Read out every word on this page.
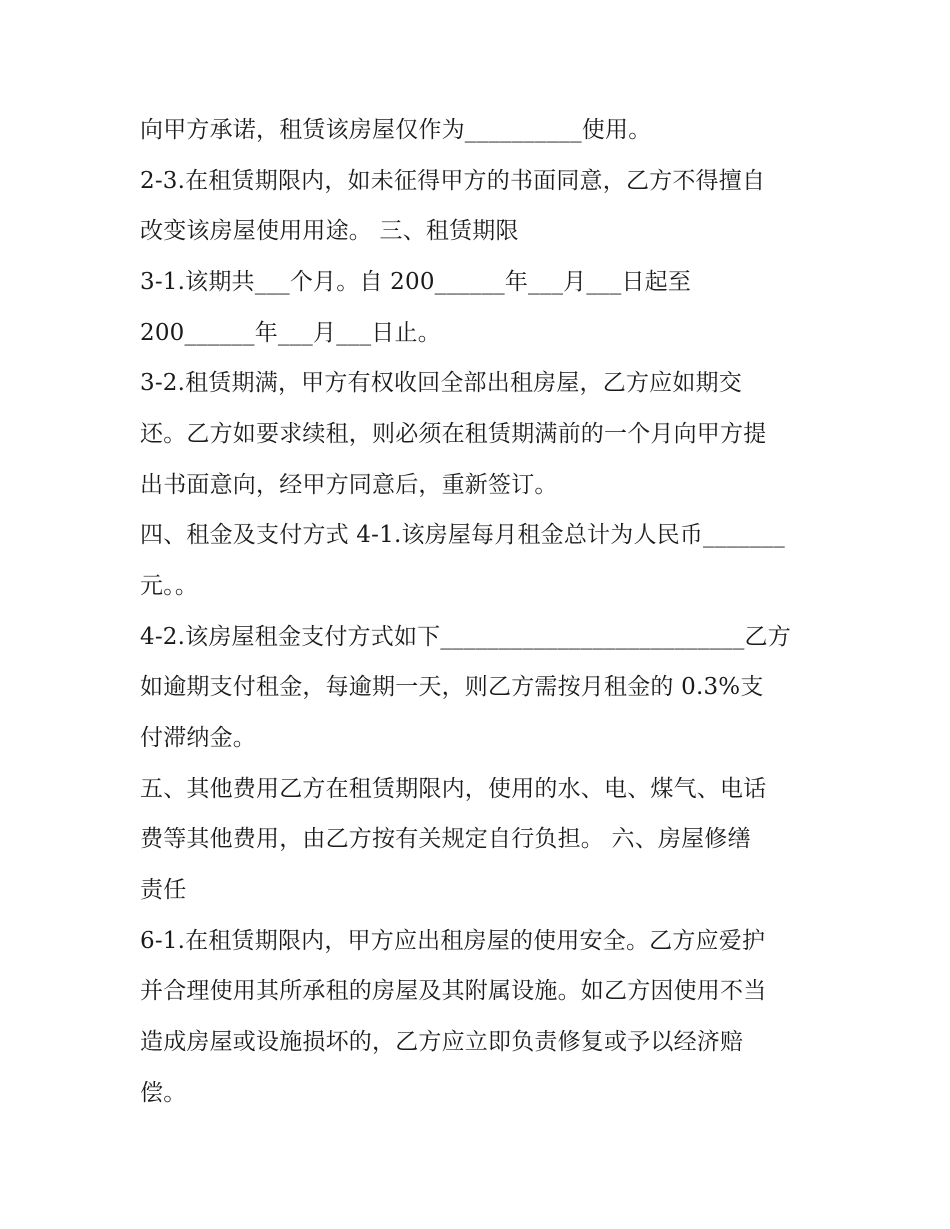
向甲方承诺，租赁该房屋仅作为__________使用。
2-3.在租赁期限内，如未征得甲方的书面同意，乙方不得擅自
改变该房屋使用用途。 三、租赁期限
3-1.该期共___个月。自 200______年___月___日起至
200______年___月___日止。
3-2.租赁期满，甲方有权收回全部出租房屋，乙方应如期交
还。乙方如要求续租，则必须在租赁期满前的一个月向甲方提
出书面意向，经甲方同意后，重新签订。
四、租金及支付方式 4-1.该房屋每月租金总计为人民币_______
元。。
4-2.该房屋租金支付方式如下__________________________乙方
如逾期支付租金，每逾期一天，则乙方需按月租金的 0.3%支
付滞纳金。
五、其他费用乙方在租赁期限内，使用的水、电、煤气、电话
费等其他费用，由乙方按有关规定自行负担。 六、房屋修缮
责任
6-1.在租赁期限内，甲方应出租房屋的使用安全。乙方应爱护
并合理使用其所承租的房屋及其附属设施。如乙方因使用不当
造成房屋或设施损坏的，乙方应立即负责修复或予以经济赔
偿。
